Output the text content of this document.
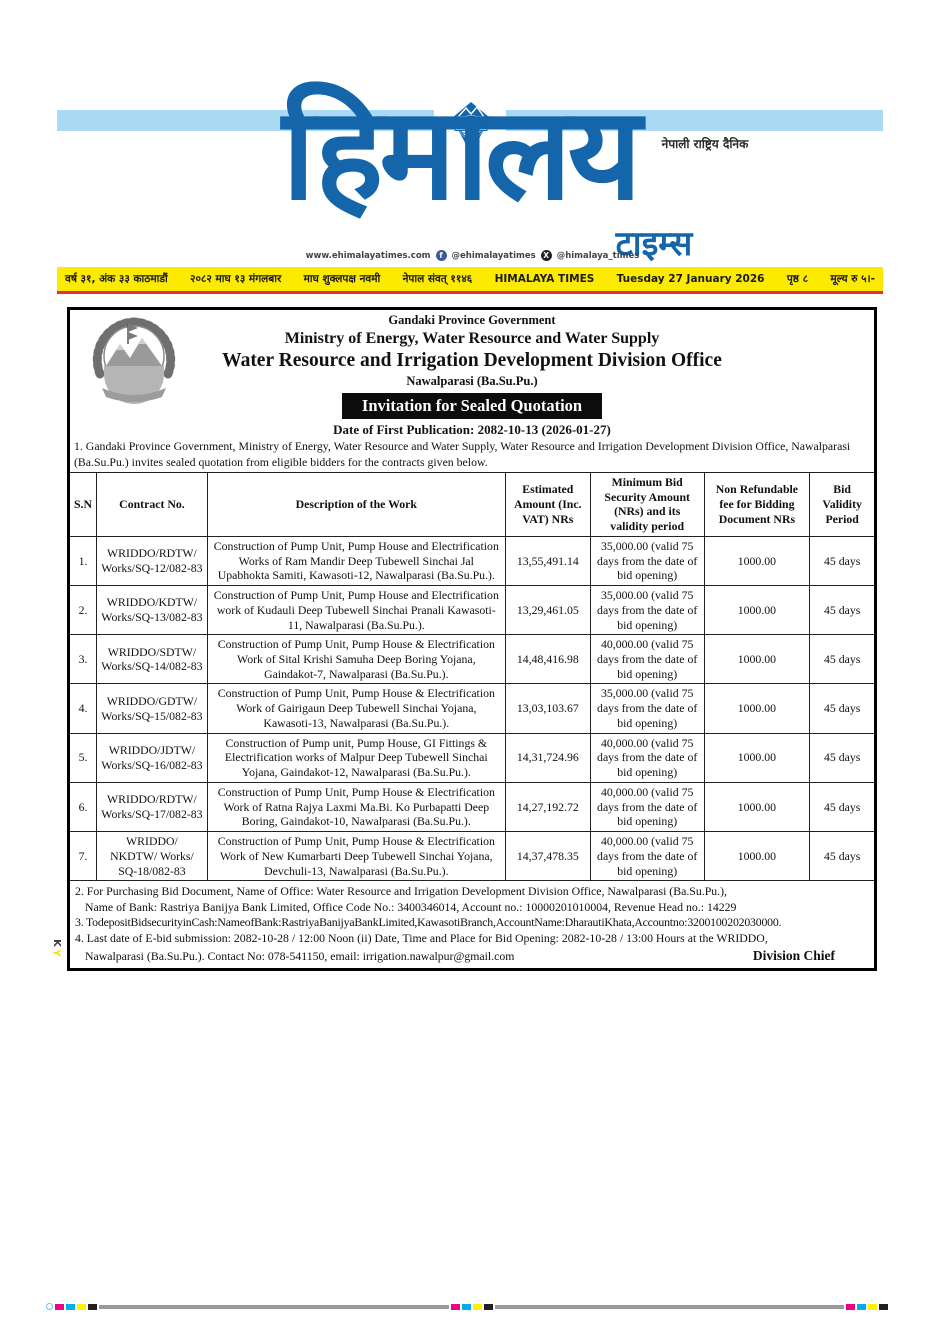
नेपाली राष्ट्रिय दैनिक
हिमालय
टाइम्स
www.ehimalayatimes.com f @ehimalayatimes X @himalaya_times
वर्ष ३१, अंक ३३ काठमाडौं २०८२ माघ १३ मंगलबार माघ शुक्लपक्ष नवमी नेपाल संवत् ११४६ HIMALAYA TIMES Tuesday 27 January 2026 पृष्ठ ८ मूल्य रु ५।-
Gandaki Province Government
Ministry of Energy, Water Resource and Water Supply
Water Resource and Irrigation Development Division Office
Nawalparasi (Ba.Su.Pu.)
Invitation for Sealed Quotation
Date of First Publication: 2082-10-13 (2026-01-27)
1. Gandaki Province Government, Ministry of Energy, Water Resource and Water Supply, Water Resource and Irrigation Development Division Office, Nawalparasi (Ba.Su.Pu.) invites sealed quotation from eligible bidders for the contracts given below.
S.N	Contract No.	Description of the Work	Estimated Amount (Inc. VAT) NRs	Minimum Bid Security Amount (NRs) and its validity period	Non Refundable fee for Bidding Document NRs	Bid Validity Period
1.	WRIDDO/RDTW/ Works/SQ-12/082-83	Construction of Pump Unit, Pump House and Electrification Works of Ram Mandir Deep Tubewell Sinchai Jal Upabhokta Samiti, Kawasoti-12, Nawalparasi (Ba.Su.Pu.).	13,55,491.14	35,000.00 (valid 75 days from the date of bid opening)	1000.00	45 days
2.	WRIDDO/KDTW/ Works/SQ-13/082-83	Construction of Pump Unit, Pump House and Electrification work of Kudauli Deep Tubewell Sinchai Pranali Kawasoti-11, Nawalparasi (Ba.Su.Pu.).	13,29,461.05	35,000.00 (valid 75 days from the date of bid opening)	1000.00	45 days
3.	WRIDDO/SDTW/ Works/SQ-14/082-83	Construction of Pump Unit, Pump House & Electrification Work of Sital Krishi Samuha Deep Boring Yojana, Gaindakot-7, Nawalparasi (Ba.Su.Pu.).	14,48,416.98	40,000.00 (valid 75 days from the date of bid opening)	1000.00	45 days
4.	WRIDDO/GDTW/ Works/SQ-15/082-83	Construction of Pump Unit, Pump House & Electrification Work of Gairigaun Deep Tubewell Sinchai Yojana, Kawasoti-13, Nawalparasi (Ba.Su.Pu.).	13,03,103.67	35,000.00 (valid 75 days from the date of bid opening)	1000.00	45 days
5.	WRIDDO/JDTW/ Works/SQ-16/082-83	Construction of Pump unit, Pump House, GI Fittings & Electrification works of Malpur Deep Tubewell Sinchai Yojana, Gaindakot-12, Nawalparasi (Ba.Su.Pu.).	14,31,724.96	40,000.00 (valid 75 days from the date of bid opening)	1000.00	45 days
6.	WRIDDO/RDTW/ Works/SQ-17/082-83	Construction of Pump Unit, Pump House & Electrification Work of Ratna Rajya Laxmi Ma.Bi. Ko Purbapatti Deep Boring, Gaindakot-10, Nawalparasi (Ba.Su.Pu.).	14,27,192.72	40,000.00 (valid 75 days from the date of bid opening)	1000.00	45 days
7.	WRIDDO/ NKDTW/ Works/ SQ-18/082-83	Construction of Pump Unit, Pump House & Electrification Work of New Kumarbarti Deep Tubewell Sinchai Yojana, Devchuli-13, Nawalparasi (Ba.Su.Pu.).	14,37,478.35	40,000.00 (valid 75 days from the date of bid opening)	1000.00	45 days
2. For Purchasing Bid Document, Name of Office: Water Resource and Irrigation Development Division Office, Nawalparasi (Ba.Su.Pu.),
Name of Bank: Rastriya Banijya Bank Limited, Office Code No.: 3400346014, Account no.: 10000201010004, Revenue Head no.: 14229
3. TodepositBidsecurityinCash:NameofBank:RastriyaBanijyaBankLimited,KawasotiBranch,AccountName:DharautiKhata,Accountno:3200100202030000.
4. Last date of E-bid submission: 2082-10-28 / 12:00 Noon (ii) Date, Time and Place for Bid Opening: 2082-10-28 / 13:00 Hours at the WRIDDO,
Nawalparasi (Ba.Su.Pu.). Contact No: 078-541150, email: irrigation.nawalpur@gmail.com	Division Chief
K
Y
